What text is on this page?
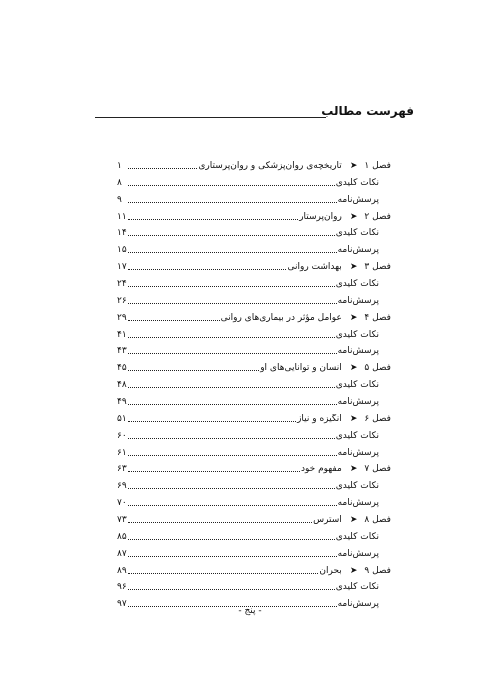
فهرست مطالب
فصل ۱
➤
تاریخچه‌ی روان‌پزشکی و روان‌پرستاری
۱
نکات کلیدی
۸
پرسش‌نامه
۹
فصل ۲
➤
روان‌پرستار
۱۱
نکات کلیدی
۱۴
پرسش‌نامه
۱۵
فصل ۳
➤
بهداشت روانی
۱۷
نکات کلیدی
۲۴
پرسش‌نامه
۲۶
فصل ۴
➤
عوامل مؤثر در بیماری‌های روانی
۲۹
نکات کلیدی
۴۱
پرسش‌نامه
۴۳
فصل ۵
➤
انسان و توانایی‌های او
۴۵
نکات کلیدی
۴۸
پرسش‌نامه
۴۹
فصل ۶
➤
انگیزه و نیاز
۵۱
نکات کلیدی
۶۰
پرسش‌نامه
۶۱
فصل ۷
➤
مفهوم خود
۶۳
نکات کلیدی
۶۹
پرسش‌نامه
۷۰
فصل ۸
➤
استرس
۷۳
نکات کلیدی
۸۵
پرسش‌نامه
۸۷
فصل ۹
➤
بحران
۸۹
نکات کلیدی
۹۶
پرسش‌نامه
۹۷
- پنج -
